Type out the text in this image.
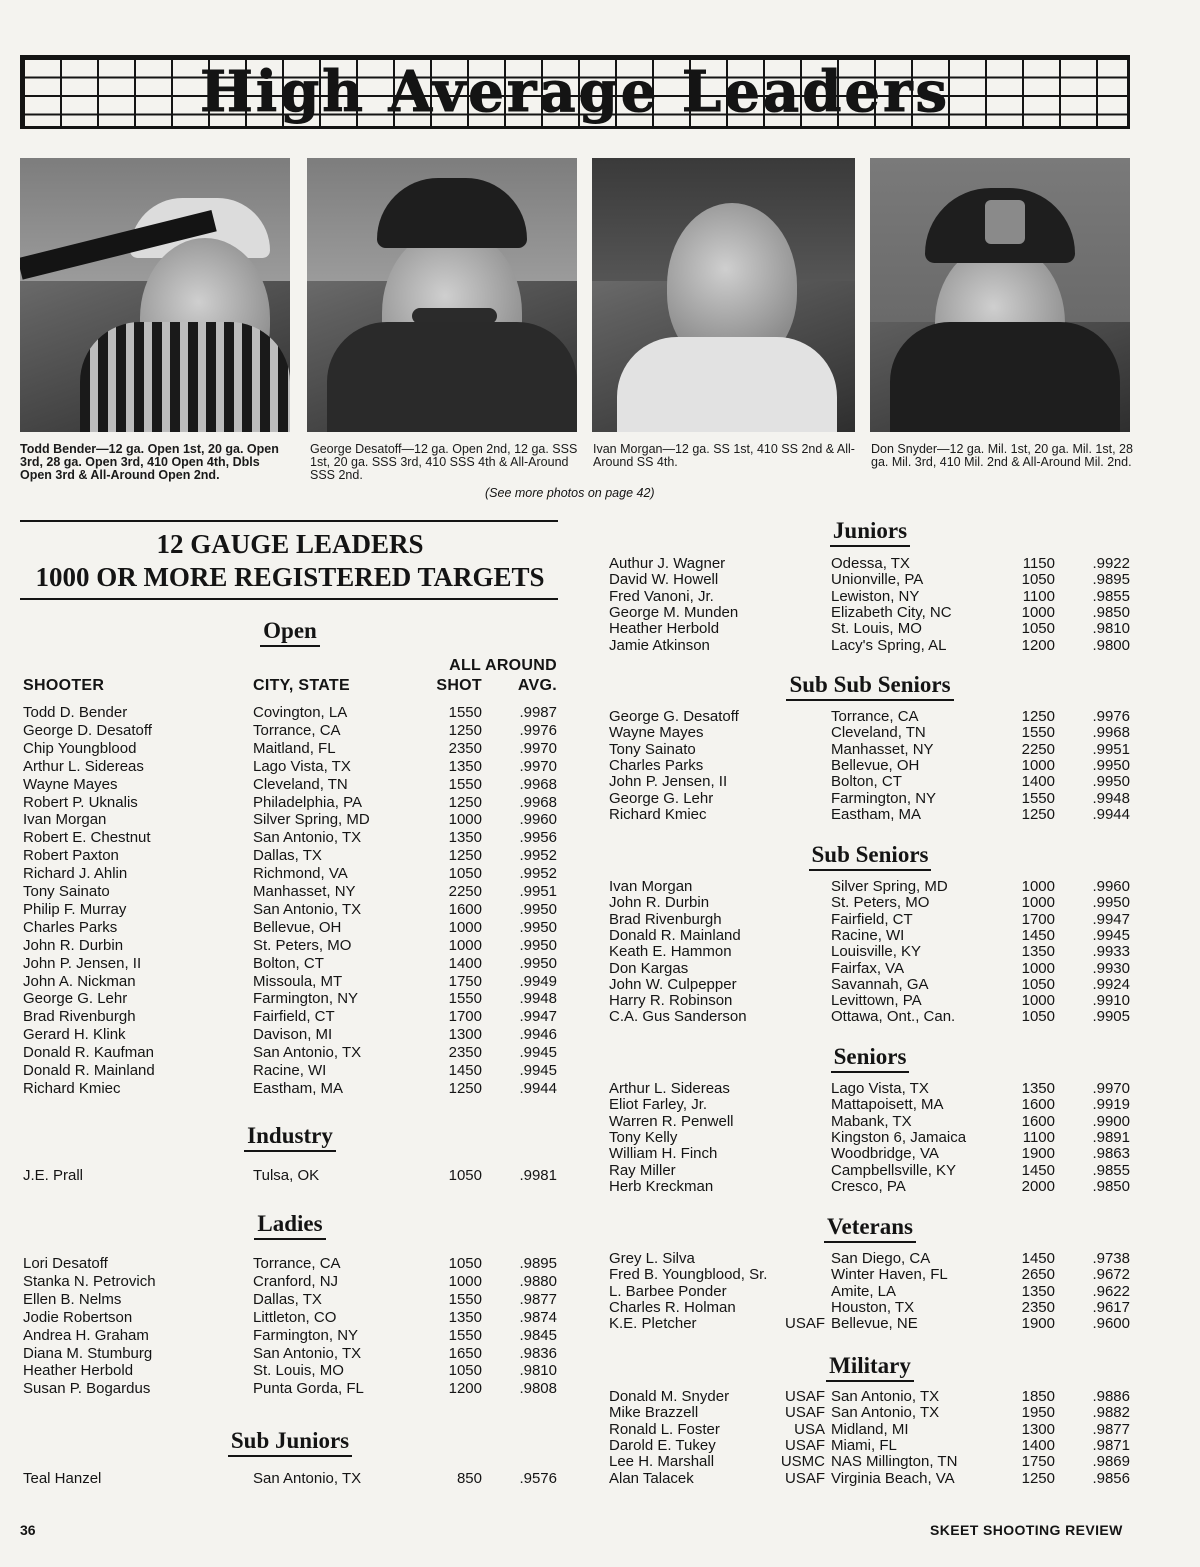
High Average Leaders
Todd Bender—12 ga. Open 1st, 20 ga. Open 3rd, 28 ga. Open 3rd, 410 Open 4th, Dbls Open 3rd & All-Around Open 2nd.
George Desatoff—12 ga. Open 2nd, 12 ga. SSS 1st, 20 ga. SSS 3rd, 410 SSS 4th & All-Around SSS 2nd.
Ivan Morgan—12 ga. SS 1st, 410 SS 2nd & All-Around SS 4th.
Don Snyder—12 ga. Mil. 1st, 20 ga. Mil. 1st, 28 ga. Mil. 3rd, 410 Mil. 2nd & All-Around Mil. 2nd.
(See more photos on page 42)
12 GAUGE LEADERS
1000 OR MORE REGISTERED TARGETS
ALL AROUND
SHOOTER	CITY, STATE	SHOT	AVG.
Open
Todd D. Bender	Covington, LA	1550	.9987
George D. Desatoff	Torrance, CA	1250	.9976
Chip Youngblood	Maitland, FL	2350	.9970
Arthur L. Sidereas	Lago Vista, TX	1350	.9970
Wayne Mayes	Cleveland, TN	1550	.9968
Robert P. Uknalis	Philadelphia, PA	1250	.9968
Ivan Morgan	Silver Spring, MD	1000	.9960
Robert E. Chestnut	San Antonio, TX	1350	.9956
Robert Paxton	Dallas, TX	1250	.9952
Richard J. Ahlin	Richmond, VA	1050	.9952
Tony Sainato	Manhasset, NY	2250	.9951
Philip F. Murray	San Antonio, TX	1600	.9950
Charles Parks	Bellevue, OH	1000	.9950
John R. Durbin	St. Peters, MO	1000	.9950
John P. Jensen, II	Bolton, CT	1400	.9950
John A. Nickman	Missoula, MT	1750	.9949
George G. Lehr	Farmington, NY	1550	.9948
Brad Rivenburgh	Fairfield, CT	1700	.9947
Gerard H. Klink	Davison, MI	1300	.9946
Donald R. Kaufman	San Antonio, TX	2350	.9945
Donald R. Mainland	Racine, WI	1450	.9945
Richard Kmiec	Eastham, MA	1250	.9944
Industry
J.E. Prall	Tulsa, OK	1050	.9981
Ladies
Lori Desatoff	Torrance, CA	1050	.9895
Stanka N. Petrovich	Cranford, NJ	1000	.9880
Ellen B. Nelms	Dallas, TX	1550	.9877
Jodie Robertson	Littleton, CO	1350	.9874
Andrea H. Graham	Farmington, NY	1550	.9845
Diana M. Stumburg	San Antonio, TX	1650	.9836
Heather Herbold	St. Louis, MO	1050	.9810
Susan P. Bogardus	Punta Gorda, FL	1200	.9808
Sub Juniors
Teal Hanzel	San Antonio, TX	850	.9576
Juniors
Authur J. Wagner	Odessa, TX	1150	.9922
David W. Howell	Unionville, PA	1050	.9895
Fred Vanoni, Jr.	Lewiston, NY	1100	.9855
George M. Munden	Elizabeth City, NC	1000	.9850
Heather Herbold	St. Louis, MO	1050	.9810
Jamie Atkinson	Lacy's Spring, AL	1200	.9800
Sub Sub Seniors
George G. Desatoff	Torrance, CA	1250	.9976
Wayne Mayes	Cleveland, TN	1550	.9968
Tony Sainato	Manhasset, NY	2250	.9951
Charles Parks	Bellevue, OH	1000	.9950
John P. Jensen, II	Bolton, CT	1400	.9950
George G. Lehr	Farmington, NY	1550	.9948
Richard Kmiec	Eastham, MA	1250	.9944
Sub Seniors
Ivan Morgan	Silver Spring, MD	1000	.9960
John R. Durbin	St. Peters, MO	1000	.9950
Brad Rivenburgh	Fairfield, CT	1700	.9947
Donald R. Mainland	Racine, WI	1450	.9945
Keath E. Hammon	Louisville, KY	1350	.9933
Don Kargas	Fairfax, VA	1000	.9930
John W. Culpepper	Savannah, GA	1050	.9924
Harry R. Robinson	Levittown, PA	1000	.9910
C.A. Gus Sanderson	Ottawa, Ont., Can.	1050	.9905
Seniors
Arthur L. Sidereas	Lago Vista, TX	1350	.9970
Eliot Farley, Jr.	Mattapoisett, MA	1600	.9919
Warren R. Penwell	Mabank, TX	1600	.9900
Tony Kelly	Kingston 6, Jamaica	1100	.9891
William H. Finch	Woodbridge, VA	1900	.9863
Ray Miller	Campbellsville, KY	1450	.9855
Herb Kreckman	Cresco, PA	2000	.9850
Veterans
Grey L. Silva	San Diego, CA	1450	.9738
Fred B. Youngblood, Sr.	Winter Haven, FL	2650	.9672
L. Barbee Ponder	Amite, LA	1350	.9622
Charles R. Holman	Houston, TX	2350	.9617
K.E. Pletcher	USAF Bellevue, NE	1900	.9600
Military
Donald M. Snyder	USAF San Antonio, TX	1850	.9886
Mike Brazzell	USAF San Antonio, TX	1950	.9882
Ronald L. Foster	USA Midland, MI	1300	.9877
Darold E. Tukey	USAF Miami, FL	1400	.9871
Lee H. Marshall	USMC NAS Millington, TN	1750	.9869
Alan Talacek	USAF Virginia Beach, VA	1250	.9856
36	SKEET SHOOTING REVIEW
